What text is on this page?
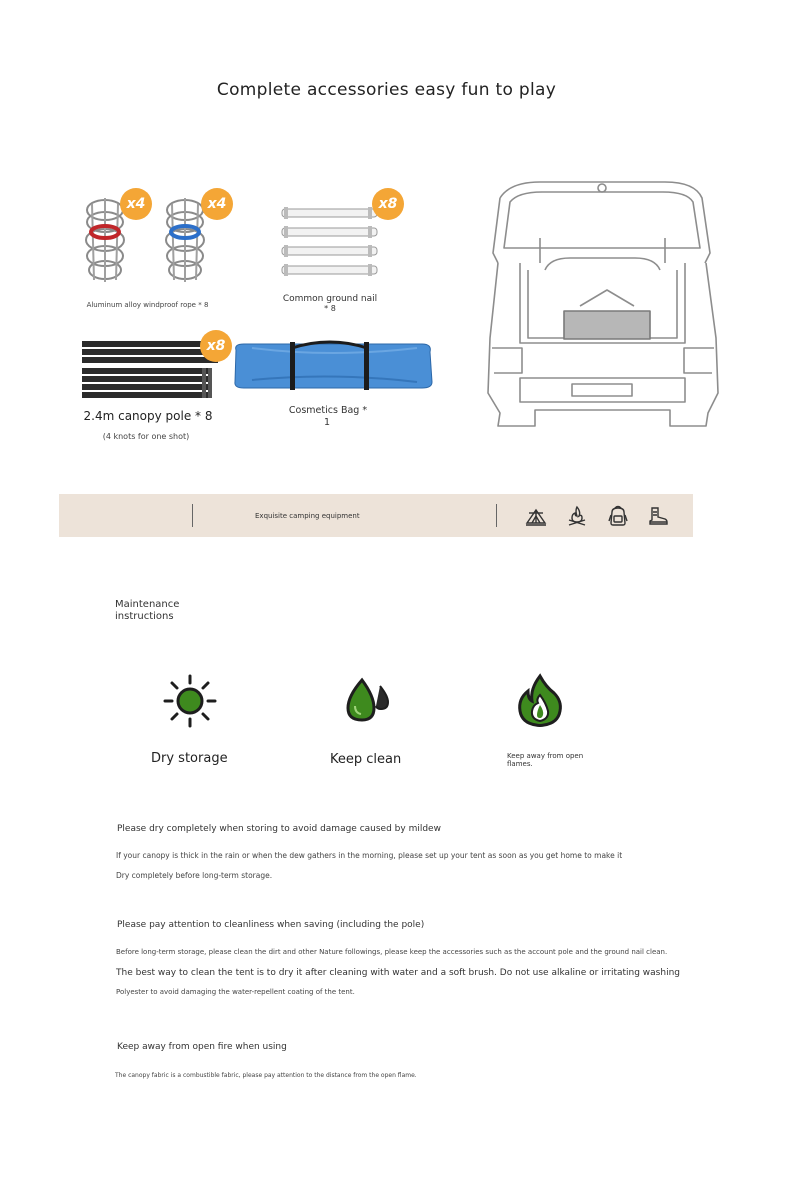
Complete accessories easy fun to play
x4	x4
Aluminum alloy windproof rope * 8
x8
Common ground nail
* 8
x8
2.4m canopy pole * 8
(4 knots for one shot)
Cosmetics Bag *
1
Exquisite camping equipment
Maintenance
instructions
Dry storage	Keep clean	Keep away from open
flames.
Please dry completely when storing to avoid damage caused by mildew
If your canopy is thick in the rain or when the dew gathers in the morning, please set up your tent as soon as you get home to make it
Dry completely before long-term storage.
Please pay attention to cleanliness when saving (including the pole)
Before long-term storage, please clean the dirt and other Nature followings, please keep the accessories such as the account pole and the ground nail clean.
The best way to clean the tent is to dry it after cleaning with water and a soft brush. Do not use alkaline or irritating washing
Polyester to avoid damaging the water-repellent coating of the tent.
Keep away from open fire when using
The canopy fabric is a combustible fabric, please pay attention to the distance from the open flame.
